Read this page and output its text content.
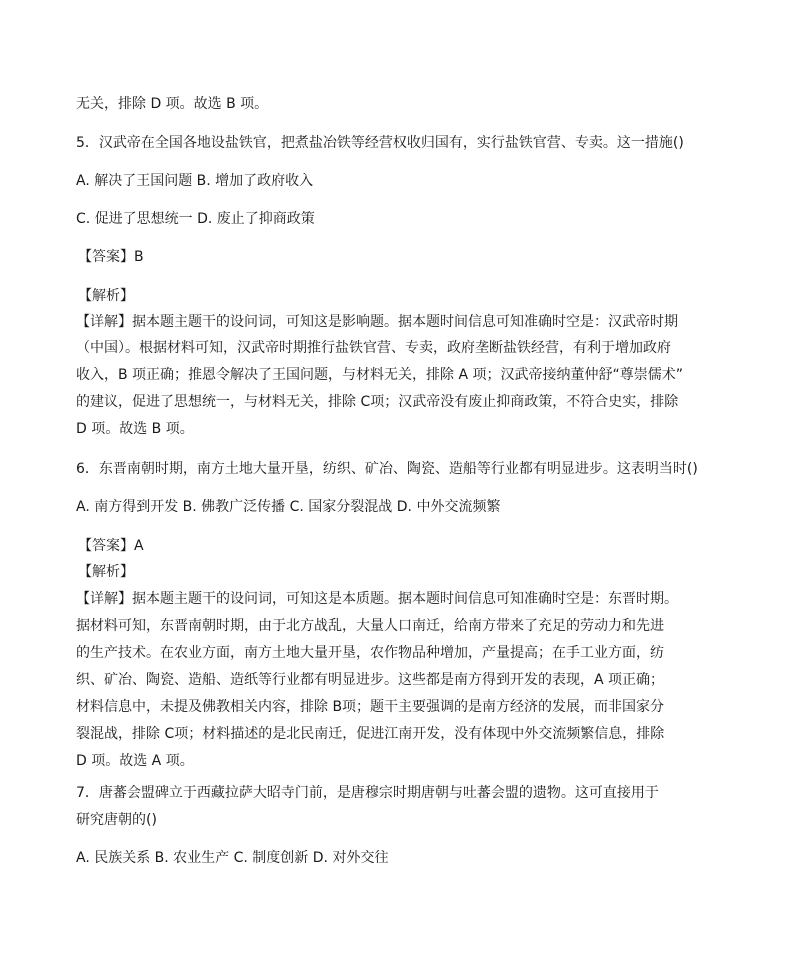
无关，排除 D 项。故选 B 项。

5．汉武帝在全国各地设盐铁官，把煮盐冶铁等经营权收归国有，实行盐铁官营、专卖。这一措施()

A. 解决了王国问题 B. 增加了政府收入

C. 促进了思想统一 D. 废止了抑商政策

【答案】B

【解析】

【详解】据本题主题干的设问词，可知这是影响题。据本题时间信息可知准确时空是：汉武帝时期

（中国）。根据材料可知，汉武帝时期推行盐铁官营、专卖，政府垄断盐铁经营，有利于增加政府

收入，B 项正确；推恩令解决了王国问题，与材料无关，排除 A 项；汉武帝接纳董仲舒“尊崇儒术”

的建议，促进了思想统一，与材料无关，排除 C项；汉武帝没有废止抑商政策，不符合史实，排除

D 项。故选 B 项。

6．东晋南朝时期，南方土地大量开垦，纺织、矿冶、陶瓷、造船等行业都有明显进步。这表明当时()

A. 南方得到开发 B. 佛教广泛传播 C. 国家分裂混战 D. 中外交流频繁

【答案】A

【解析】

【详解】据本题主题干的设问词，可知这是本质题。据本题时间信息可知准确时空是：东晋时期。

据材料可知，东晋南朝时期，由于北方战乱，大量人口南迁，给南方带来了充足的劳动力和先进

的生产技术。在农业方面，南方土地大量开垦，农作物品种增加，产量提高；在手工业方面，纺

织、矿冶、陶瓷、造船、造纸等行业都有明显进步。这些都是南方得到开发的表现，A 项正确；

材料信息中，未提及佛教相关内容，排除 B项；题干主要强调的是南方经济的发展，而非国家分

裂混战，排除 C项；材料描述的是北民南迁，促进江南开发，没有体现中外交流频繁信息，排除

D 项。故选 A 项。

7．唐蕃会盟碑立于西藏拉萨大昭寺门前，是唐穆宗时期唐朝与吐蕃会盟的遗物。这可直接用于

研究唐朝的()

A. 民族关系 B. 农业生产 C. 制度创新 D. 对外交往
